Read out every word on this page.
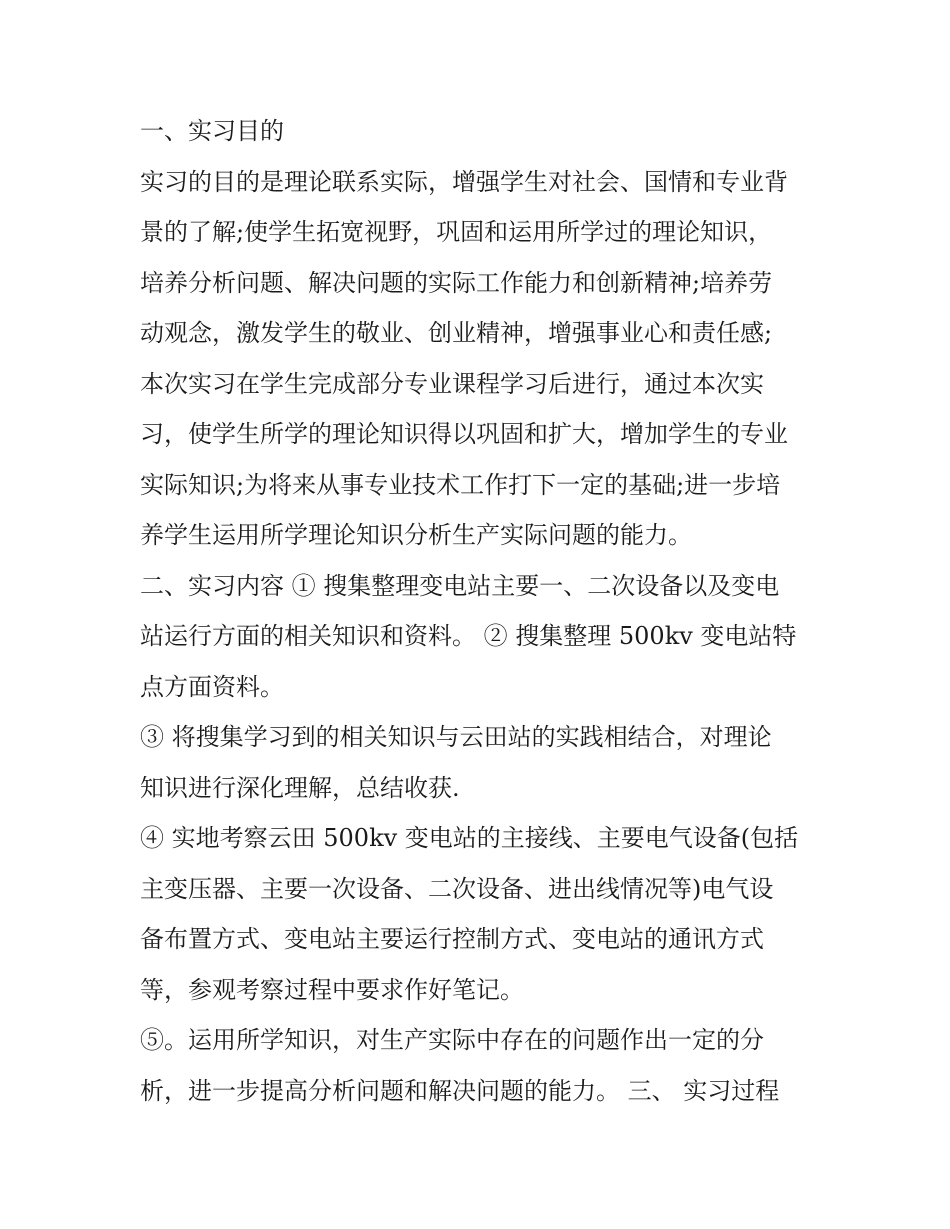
一、实习目的
实习的目的是理论联系实际，增强学生对社会、国情和专业背
景的了解;使学生拓宽视野，巩固和运用所学过的理论知识，
培养分析问题、解决问题的实际工作能力和创新精神;培养劳
动观念，激发学生的敬业、创业精神，增强事业心和责任感;
本次实习在学生完成部分专业课程学习后进行，通过本次实
习，使学生所学的理论知识得以巩固和扩大，增加学生的专业
实际知识;为将来从事专业技术工作打下一定的基础;进一步培
养学生运用所学理论知识分析生产实际问题的能力。
二、实习内容 ① 搜集整理变电站主要一、二次设备以及变电
站运行方面的相关知识和资料。 ② 搜集整理 500kv 变电站特
点方面资料。
③ 将搜集学习到的相关知识与云田站的实践相结合，对理论
知识进行深化理解，总结收获.
④ 实地考察云田 500kv 变电站的主接线、主要电气设备(包括
主变压器、主要一次设备、二次设备、进出线情况等)电气设
备布置方式、变电站主要运行控制方式、变电站的通讯方式
等，参观考察过程中要求作好笔记。
⑤。运用所学知识，对生产实际中存在的问题作出一定的分
析，进一步提高分析问题和解决问题的能力。 三、 实习过程
